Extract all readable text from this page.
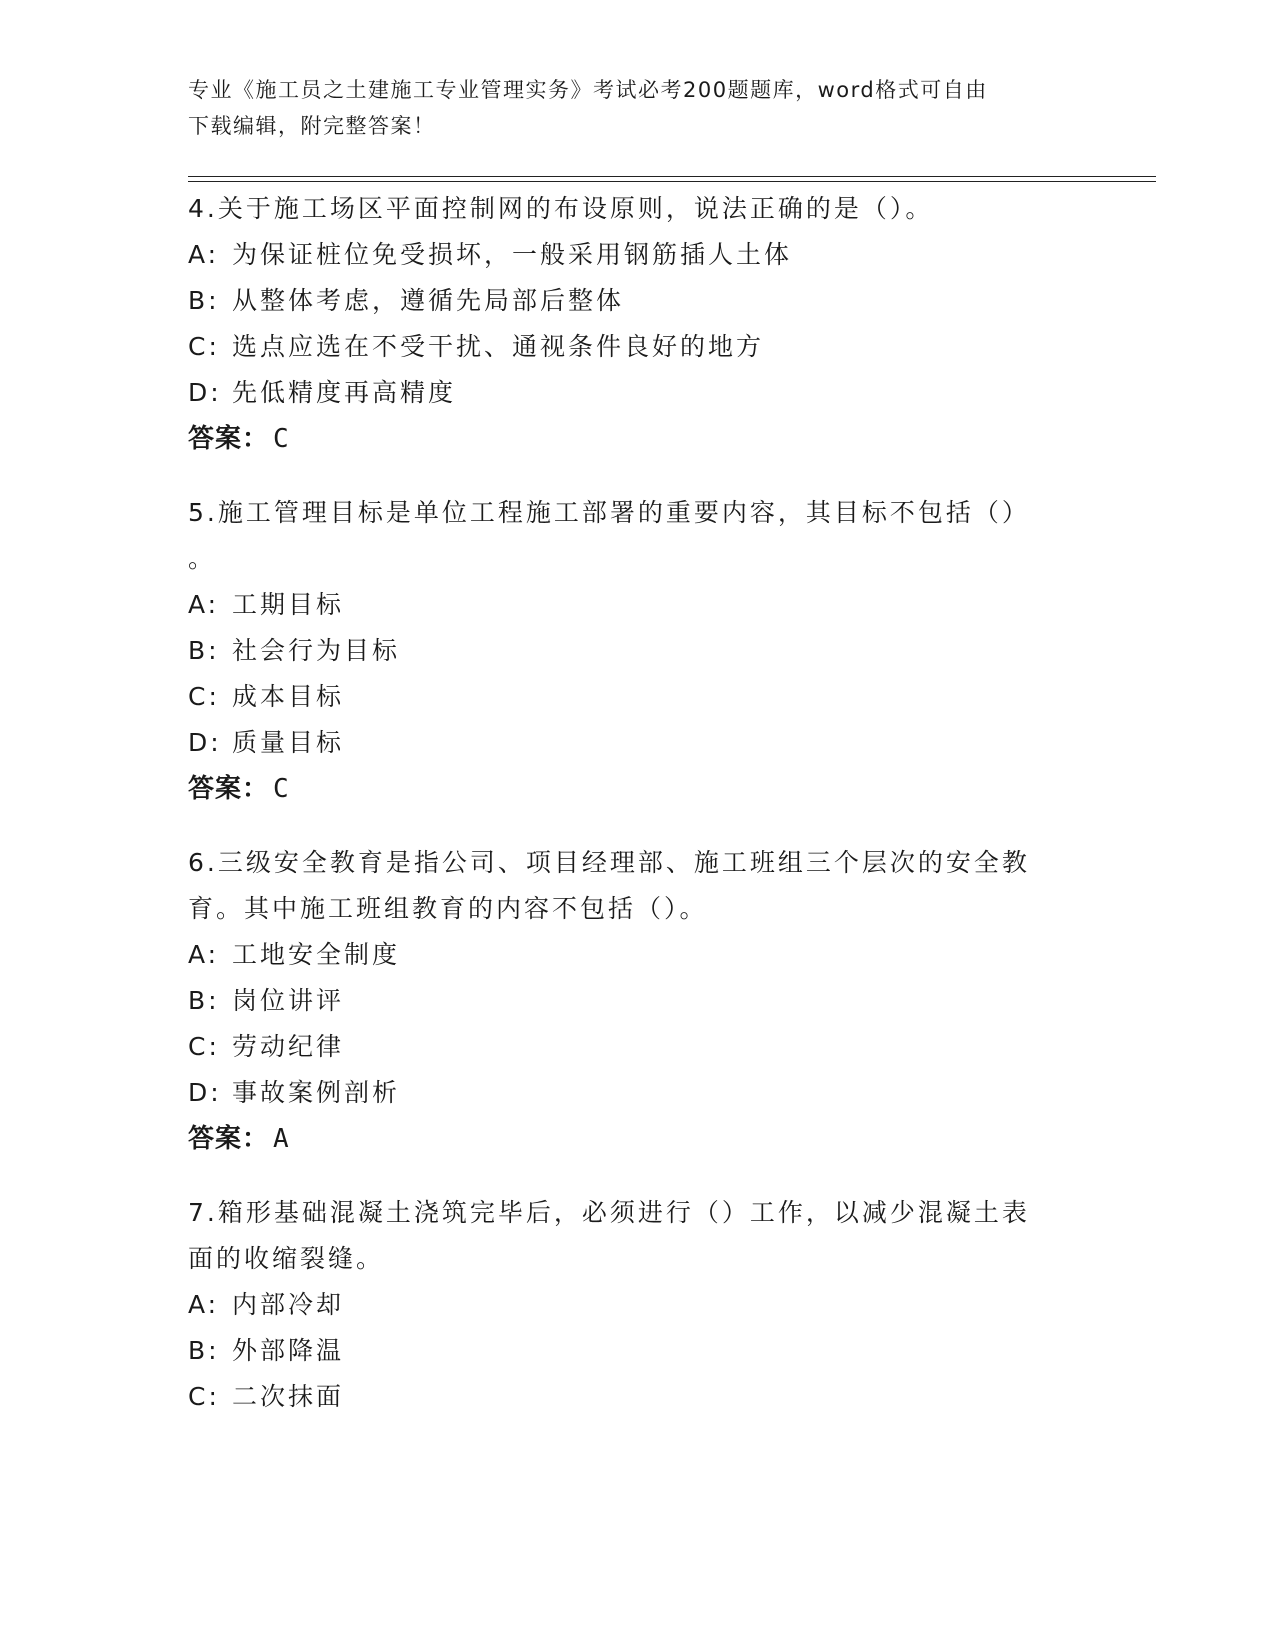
专业《施工员之土建施工专业管理实务》考试必考200题题库，word格式可自由
下载编辑，附完整答案！

4.关于施工场区平面控制网的布设原则，说法正确的是（）。

A: 为保证桩位免受损坏，一般采用钢筋插人土体

B: 从整体考虑，遵循先局部后整体

C: 选点应选在不受干扰、通视条件良好的地方

D: 先低精度再高精度

答案： C

5.施工管理目标是单位工程施工部署的重要内容，其目标不包括（）
。

A: 工期目标

B: 社会行为目标

C: 成本目标

D: 质量目标

答案： C

6.三级安全教育是指公司、项目经理部、施工班组三个层次的安全教
育。其中施工班组教育的内容不包括（）。

A: 工地安全制度

B: 岗位讲评

C: 劳动纪律

D: 事故案例剖析

答案： A

7.箱形基础混凝土浇筑完毕后，必须进行（）工作，以减少混凝土表
面的收缩裂缝。

A: 内部冷却

B: 外部降温

C: 二次抹面
